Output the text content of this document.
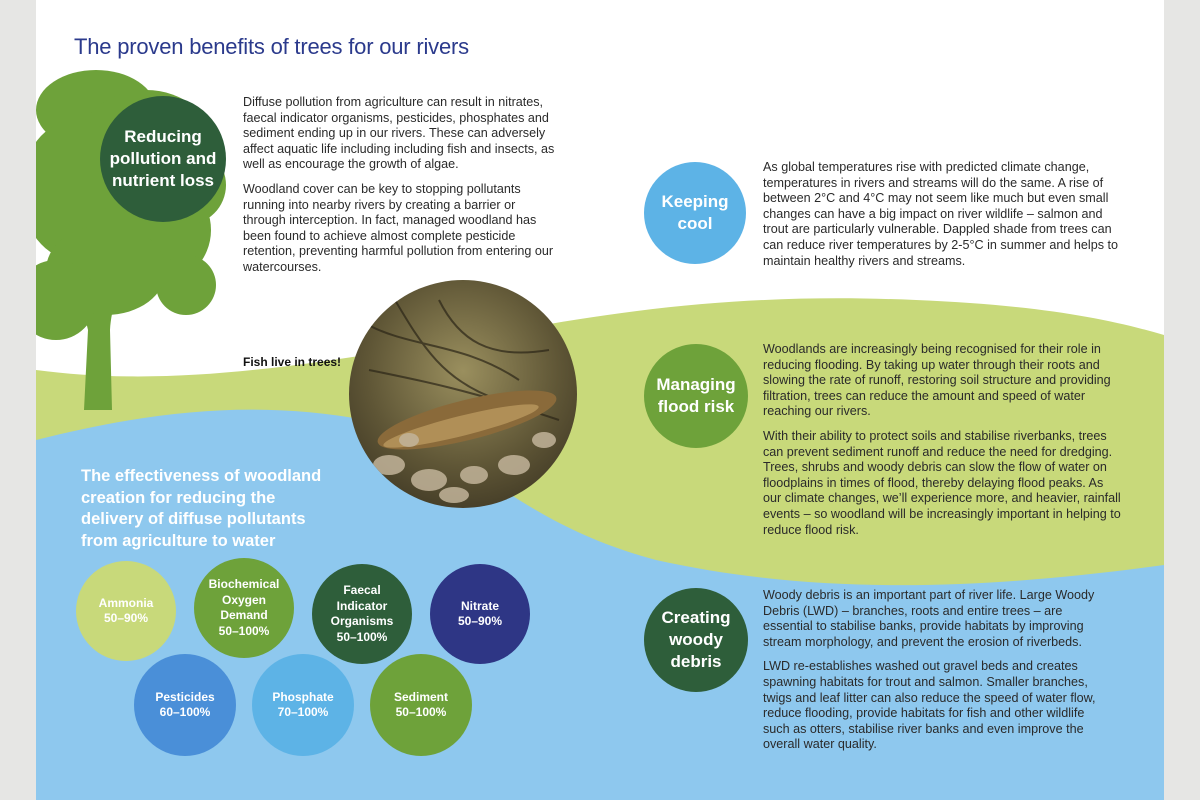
The proven benefits of trees for our rivers
Reducing pollution and nutrient loss

Diffuse pollution from agriculture can result in nitrates, faecal indicator organisms, pesticides, phosphates and sediment ending up in our rivers. These can adversely affect aquatic life including including fish and insects, as well as encourage the growth of algae.

Woodland cover can be key to stopping pollutants running into nearby rivers by creating a barrier or through interception. In fact, managed woodland has been found to achieve almost complete pesticide retention, preventing harmful pollution from entering our watercourses.

Keeping cool

As global temperatures rise with predicted climate change, temperatures in rivers and streams will do the same. A rise of between 2°C and 4°C may not seem like much but even small changes can have a big impact on river wildlife – salmon and trout are particularly vulnerable. Dappled shade from trees can can reduce river temperatures by 2-5°C in summer and helps to maintain healthy rivers and streams.

Fish live in trees!
Managing flood risk

Woodlands are increasingly being recognised for their role in reducing flooding. By taking up water through their roots and slowing the rate of runoff, restoring soil structure and providing filtration, trees can reduce the amount and speed of water reaching our rivers.

With their ability to protect soils and stabilise riverbanks, trees can prevent sediment runoff and reduce the need for dredging. Trees, shrubs and woody debris can slow the flow of water on floodplains in times of flood, thereby delaying flood peaks. As our climate changes, we’ll experience more, and heavier, rainfall events – so woodland will be increasingly important in helping to reduce flood risk.

Creating woody debris

Woody debris is an important part of river life. Large Woody Debris (LWD) – branches, roots and entire trees – are essential to stabilise banks, provide habitats by improving stream morphology, and prevent the erosion of riverbeds.

LWD re-establishes washed out gravel beds and creates spawning habitats for trout and salmon. Smaller branches, twigs and leaf litter can also reduce the speed of water flow, reduce flooding, provide habitats for fish and other wildlife such as otters, stabilise river banks and even improve the overall water quality.

The effectiveness of woodland creation for reducing the delivery of diffuse pollutants from agriculture to water
Ammonia
50–90%
Biochemical Oxygen Demand
50–100%
Faecal Indicator Organisms
50–100%
Nitrate
50–90%
Pesticides
60–100%
Phosphate
70–100%
Sediment
50–100%
